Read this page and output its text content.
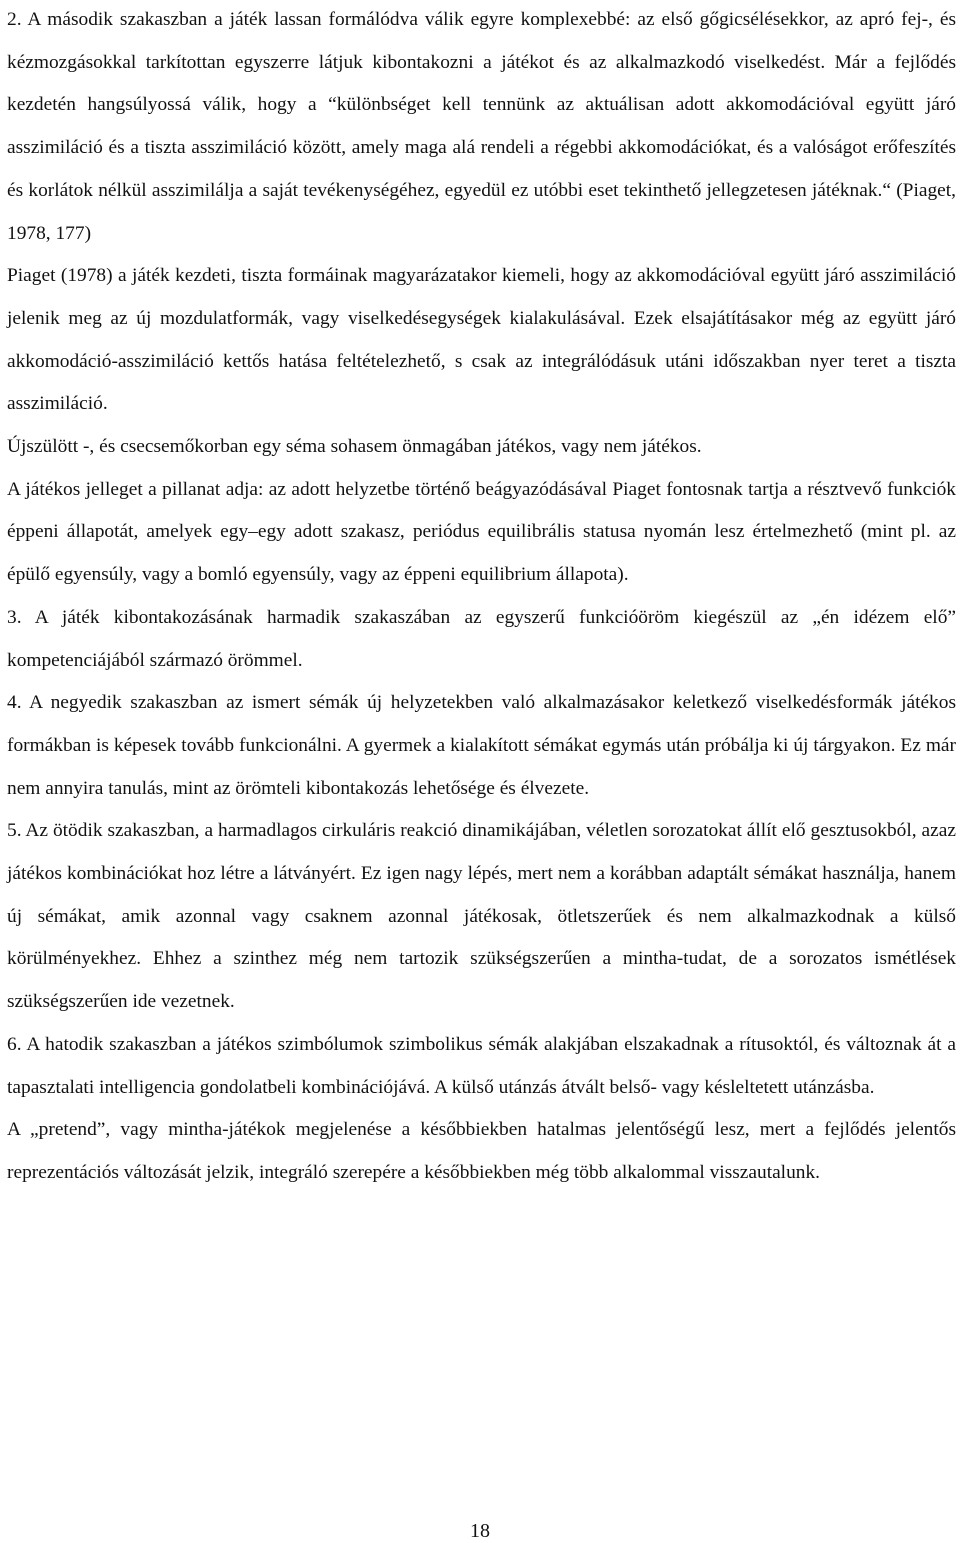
2. A második szakaszban a játék lassan formálódva válik egyre komplexebbé: az első gőgicsélésekkor, az apró fej-, és kézmozgásokkal tarkítottan egyszerre látjuk kibontakozni a játékot és az alkalmazkodó viselkedést. Már a fejlődés kezdetén hangsúlyossá válik, hogy a “különbséget kell tennünk az aktuálisan adott akkomodációval együtt járó asszimiláció és a tiszta asszimiláció között, amely maga alá rendeli a régebbi akkomodációkat, és a valóságot erőfeszítés és korlátok nélkül asszimilálja a saját tevékenységéhez, egyedül ez utóbbi eset tekinthető jellegzetesen játéknak.“ (Piaget, 1978, 177)

Piaget (1978) a játék kezdeti, tiszta formáinak magyarázatakor kiemeli, hogy az akkomodációval együtt járó asszimiláció jelenik meg az új mozdulatformák, vagy viselkedésegységek kialakulásával. Ezek elsajátításakor még az együtt járó akkomodáció-asszimiláció kettős hatása feltételezhető, s csak az integrálódásuk utáni időszakban nyer teret a tiszta asszimiláció.

Újszülött -, és csecsemőkorban egy séma sohasem önmagában játékos, vagy nem játékos.

A játékos jelleget a pillanat adja: az adott helyzetbe történő beágyazódásával Piaget fontosnak tartja a résztvevő funkciók éppeni állapotát, amelyek egy–egy adott szakasz, periódus equilibrális statusa nyomán lesz értelmezhető (mint pl. az épülő egyensúly, vagy a bomló egyensúly, vagy az éppeni equilibrium állapota).

3. A játék kibontakozásának harmadik szakaszában az egyszerű funkcióöröm kiegészül az „én idézem elő” kompetenciájából származó örömmel.

4. A negyedik szakaszban az ismert sémák új helyzetekben való alkalmazásakor keletkező viselkedésformák játékos formákban is képesek tovább funkcionálni. A gyermek a kialakított sémákat egymás után próbálja ki új tárgyakon. Ez már nem annyira tanulás, mint az örömteli kibontakozás lehetősége és élvezete.

5. Az ötödik szakaszban, a harmadlagos cirkuláris reakció dinamikájában, véletlen sorozatokat állít elő gesztusokból, azaz játékos kombinációkat hoz létre a látványért. Ez igen nagy lépés, mert nem a korábban adaptált sémákat használja, hanem új sémákat, amik azonnal vagy csaknem azonnal játékosak, ötletszerűek és nem alkalmazkodnak a külső körülményekhez. Ehhez a szinthez még nem tartozik szükségszerűen a mintha-tudat, de a sorozatos ismétlések szükségszerűen ide vezetnek.

6. A hatodik szakaszban a játékos szimbólumok szimbolikus sémák alakjában elszakadnak a rítusoktól, és változnak át a tapasztalati intelligencia gondolatbeli kombinációjává. A külső utánzás átvált belső- vagy késleltetett utánzásba.

A „pretend”, vagy mintha-játékok megjelenése a későbbiekben hatalmas jelentőségű lesz, mert a fejlődés jelentős reprezentációs változását jelzik, integráló szerepére a későbbiekben még több alkalommal visszautalunk.

18
